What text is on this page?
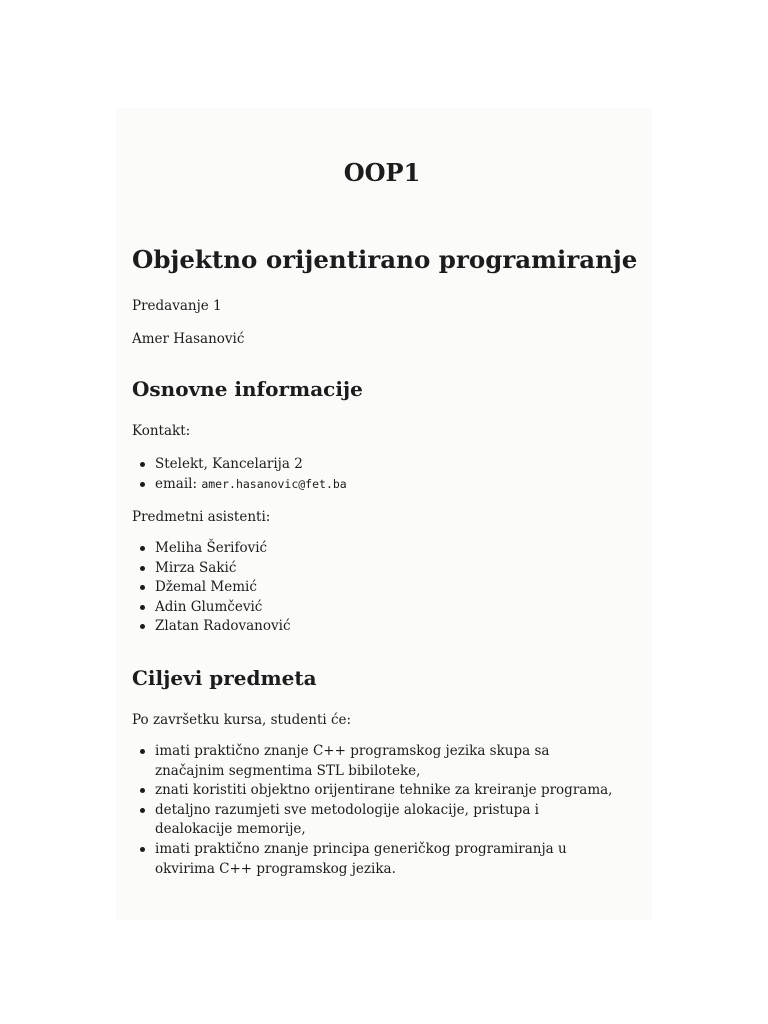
OOP1
Objektno orijentirano programiranje

Predavanje 1

Amer Hasanović

Osnovne informacije

Kontakt:

Stelekt, Kancelarija 2
email: amer.hasanovic@fet.ba

Predmetni asistenti:

Meliha Šerifović
Mirza Sakić
Džemal Memić
Adin Glumčević
Zlatan Radovanović
Ciljevi predmeta

Po završetku kursa, studenti će:

imati praktično znanje C++ programskog jezika skupa sa značajnim segmentima STL bibiloteke,
znati koristiti objektno orijentirane tehnike za kreiranje programa,
detaljno razumjeti sve metodologije alokacije, pristupa i dealokacije memorije,
imati praktično znanje principa generičkog programiranja u okvirima C++ programskog jezika.
